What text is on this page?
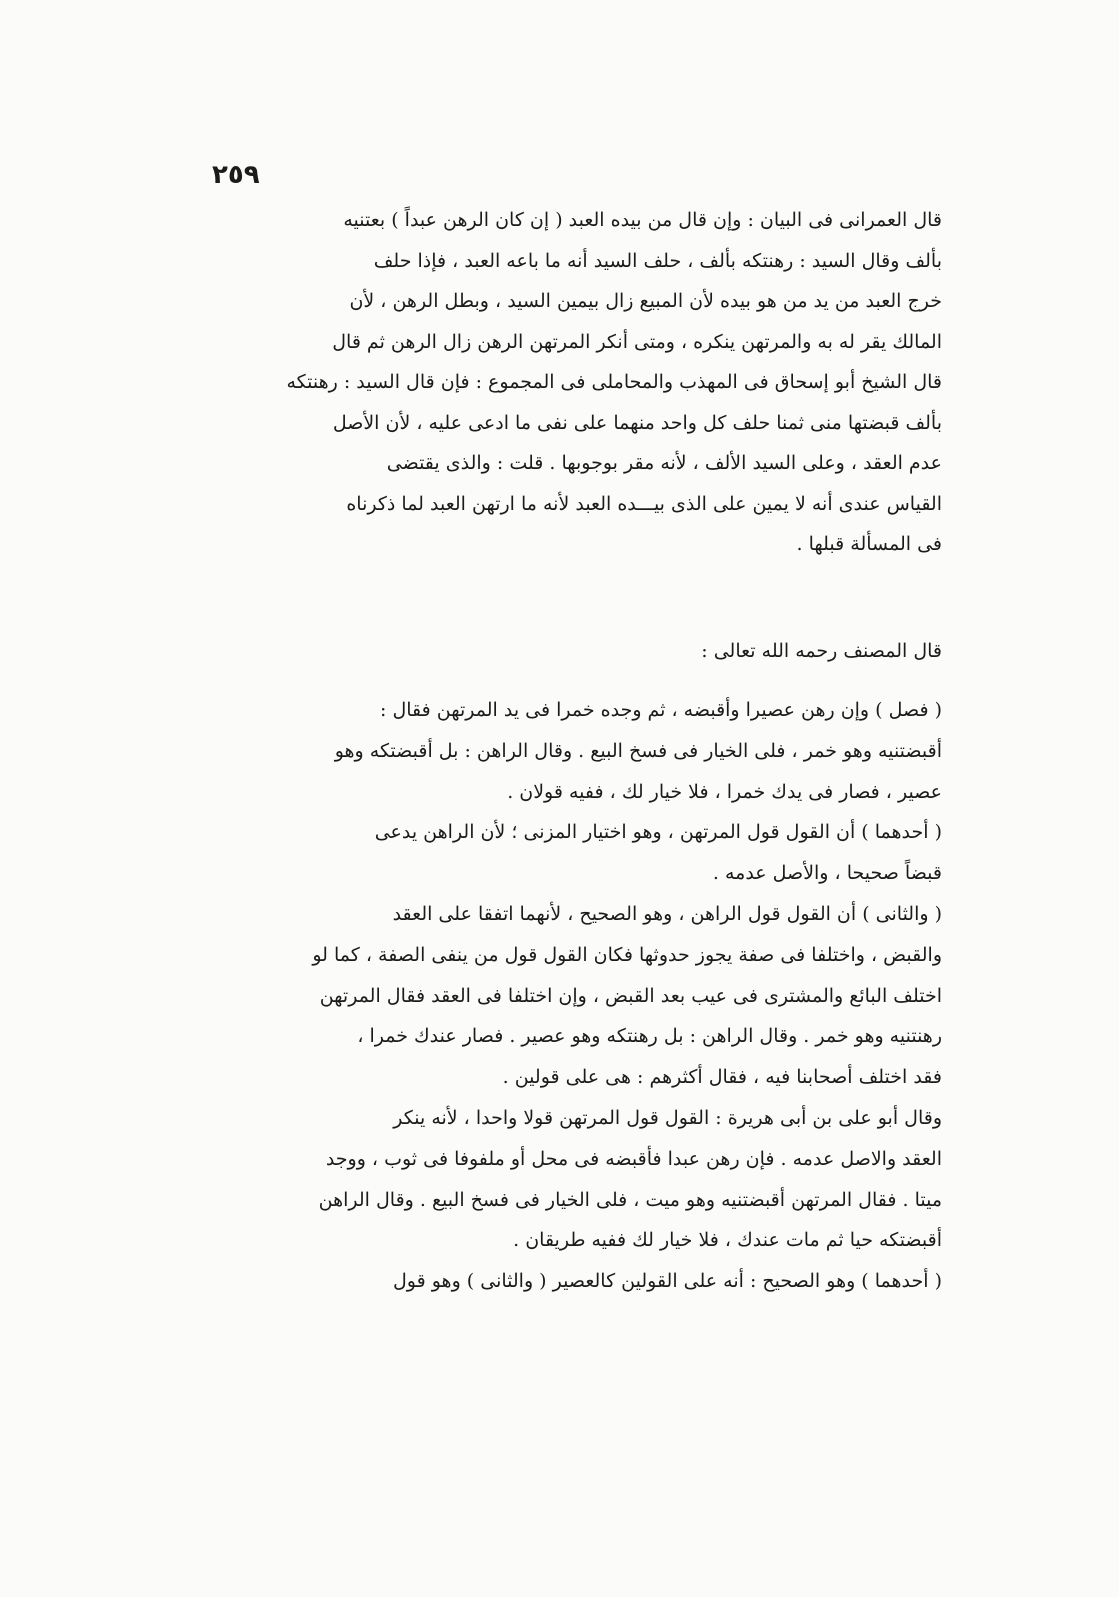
٢٥٩
قال العمرانى فى البيان : وإن قال من بيده العبد ( إن كان الرهن عبداً ) بعتنيه
بألف وقال السيد : رهنتكه بألف ، حلف السيد أنه ما باعه العبد ، فإذا حلف
خرج العبد من يد من هو بيده لأن المبيع زال بيمين السيد ، وبطل الرهن ، لأن
المالك يقر له به والمرتهن ينكره ، ومتى أنكر المرتهن الرهن زال الرهن ثم قال
قال الشيخ أبو إسحاق فى المهذب والمحاملى فى المجموع : فإن قال السيد : رهنتكه
بألف قبضتها منى ثمنا حلف كل واحد منهما على نفى ما ادعى عليه ، لأن الأصل
عدم العقد ، وعلى السيد الألف ، لأنه مقر بوجوبها . قلت : والذى يقتضى
القياس عندى أنه لا يمين على الذى بيـــده العبد لأنه ما ارتهن العبد لما ذكرناه
فى المسألة قبلها .
قال المصنف رحمه الله تعالى :
( فصل ) وإن رهن عصيرا وأقبضه ، ثم وجده خمرا فى يد المرتهن فقال :
أقبضتنيه وهو خمر ، فلى الخيار فى فسخ البيع . وقال الراهن : بل أقبضتكه وهو
عصير ، فصار فى يدك خمرا ، فلا خيار لك ، ففيه قولان .
( أحدهما ) أن القول قول المرتهن ، وهو اختيار المزنى ؛ لأن الراهن يدعى
قبضاً صحيحا ، والأصل عدمه .
( والثانى ) أن القول قول الراهن ، وهو الصحيح ، لأنهما اتفقا على العقد
والقبض ، واختلفا فى صفة يجوز حدوثها فكان القول قول من ينفى الصفة ، كما لو
اختلف البائع والمشترى فى عيب بعد القبض ، وإن اختلفا فى العقد فقال المرتهن
رهنتنيه وهو خمر . وقال الراهن : بل رهنتكه وهو عصير . فصار عندك خمرا ،
فقد اختلف أصحابنا فيه ، فقال أكثرهم : هى على قولين .
وقال أبو على بن أبى هريرة : القول قول المرتهن قولا واحدا ، لأنه ينكر
العقد والاصل عدمه . فإن رهن عبدا فأقبضه فى محل أو ملفوفا فى ثوب ، ووجد
ميتا . فقال المرتهن أقبضتنيه وهو ميت ، فلى الخيار فى فسخ البيع . وقال الراهن
أقبضتكه حيا ثم مات عندك ، فلا خيار لك ففيه طريقان .
( أحدهما ) وهو الصحيح : أنه على القولين كالعصير ( والثانى ) وهو قول
